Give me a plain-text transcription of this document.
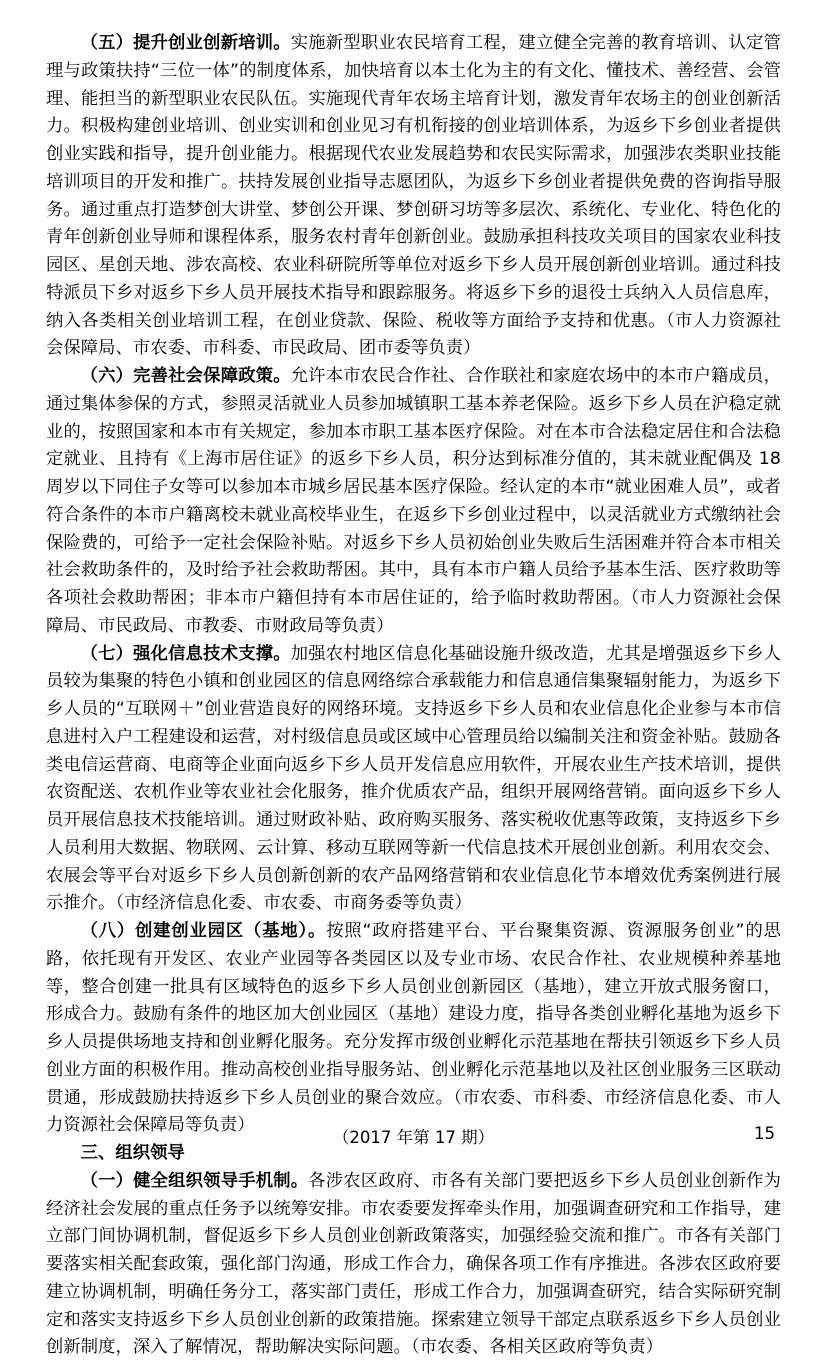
（五）提升创业创新培训。实施新型职业农民培育工程，建立健全完善的教育培训、认定管理与政策扶持“三位一体”的制度体系，加快培育以本土化为主的有文化、懂技术、善经营、会管理、能担当的新型职业农民队伍。实施现代青年农场主培育计划，激发青年农场主的创业创新活力。积极构建创业培训、创业实训和创业见习有机衔接的创业培训体系，为返乡下乡创业者提供创业实践和指导，提升创业能力。根据现代农业发展趋势和农民实际需求，加强涉农类职业技能培训项目的开发和推广。扶持发展创业指导志愿团队，为返乡下乡创业者提供免费的咨询指导服务。通过重点打造梦创大讲堂、梦创公开课、梦创研习坊等多层次、系统化、专业化、特色化的青年创新创业导师和课程体系，服务农村青年创新创业。鼓励承担科技攻关项目的国家农业科技园区、星创天地、涉农高校、农业科研院所等单位对返乡下乡人员开展创新创业培训。通过科技特派员下乡对返乡下乡人员开展技术指导和跟踪服务。将返乡下乡的退役士兵纳入人员信息库，纳入各类相关创业培训工程，在创业贷款、保险、税收等方面给予支持和优惠。（市人力资源社会保障局、市农委、市科委、市民政局、团市委等负责）

（六）完善社会保障政策。允许本市农民合作社、合作联社和家庭农场中的本市户籍成员，通过集体参保的方式，参照灵活就业人员参加城镇职工基本养老保险。返乡下乡人员在沪稳定就业的，按照国家和本市有关规定，参加本市职工基本医疗保险。对在本市合法稳定居住和合法稳定就业、且持有《上海市居住证》的返乡下乡人员，积分达到标准分值的，其未就业配偶及 18 周岁以下同住子女等可以参加本市城乡居民基本医疗保险。经认定的本市“就业困难人员”，或者符合条件的本市户籍离校未就业高校毕业生，在返乡下乡创业过程中，以灵活就业方式缴纳社会保险费的，可给予一定社会保险补贴。对返乡下乡人员初始创业失败后生活困难并符合本市相关社会救助条件的，及时给予社会救助帮困。其中，具有本市户籍人员给予基本生活、医疗救助等各项社会救助帮困；非本市户籍但持有本市居住证的，给予临时救助帮困。（市人力资源社会保障局、市民政局、市教委、市财政局等负责）

（七）强化信息技术支撑。加强农村地区信息化基础设施升级改造，尤其是增强返乡下乡人员较为集聚的特色小镇和创业园区的信息网络综合承载能力和信息通信集聚辐射能力，为返乡下乡人员的“互联网＋”创业营造良好的网络环境。支持返乡下乡人员和农业信息化企业参与本市信息进村入户工程建设和运营，对村级信息员或区域中心管理员给以编制关注和资金补贴。鼓励各类电信运营商、电商等企业面向返乡下乡人员开发信息应用软件，开展农业生产技术培训，提供农资配送、农机作业等农业社会化服务，推介优质农产品，组织开展网络营销。面向返乡下乡人员开展信息技术技能培训。通过财政补贴、政府购买服务、落实税收优惠等政策，支持返乡下乡人员利用大数据、物联网、云计算、移动互联网等新一代信息技术开展创业创新。利用农交会、农展会等平台对返乡下乡人员创新创新的农产品网络营销和农业信息化节本增效优秀案例进行展示推介。（市经济信息化委、市农委、市商务委等负责）

（八）创建创业园区（基地）。按照“政府搭建平台、平台聚集资源、资源服务创业”的思路，依托现有开发区、农业产业园等各类园区以及专业市场、农民合作社、农业规模种养基地等，整合创建一批具有区域特色的返乡下乡人员创业创新园区（基地），建立开放式服务窗口，形成合力。鼓励有条件的地区加大创业园区（基地）建设力度，指导各类创业孵化基地为返乡下乡人员提供场地支持和创业孵化服务。充分发挥市级创业孵化示范基地在帮扶引领返乡下乡人员创业方面的积极作用。推动高校创业指导服务站、创业孵化示范基地以及社区创业服务三区联动贯通，形成鼓励扶持返乡下乡人员创业的聚合效应。（市农委、市科委、市经济信息化委、市人力资源社会保障局等负责）

三、组织领导

（一）健全组织领导手机制。各涉农区政府、市各有关部门要把返乡下乡人员创业创新作为经济社会发展的重点任务予以统筹安排。市农委要发挥牵头作用，加强调查研究和工作指导，建立部门间协调机制，督促返乡下乡人员创业创新政策落实，加强经验交流和推广。市各有关部门要落实相关配套政策，强化部门沟通，形成工作合力，确保各项工作有序推进。各涉农区政府要建立协调机制，明确任务分工，落实部门责任，形成工作合力，加强调查研究，结合实际研究制定和落实支持返乡下乡人员创业创新的政策措施。探索建立领导干部定点联系返乡下乡人员创业创新制度，深入了解情况，帮助解决实际问题。（市农委、各相关区政府等负责）

（2017 年第 17 期）	15
